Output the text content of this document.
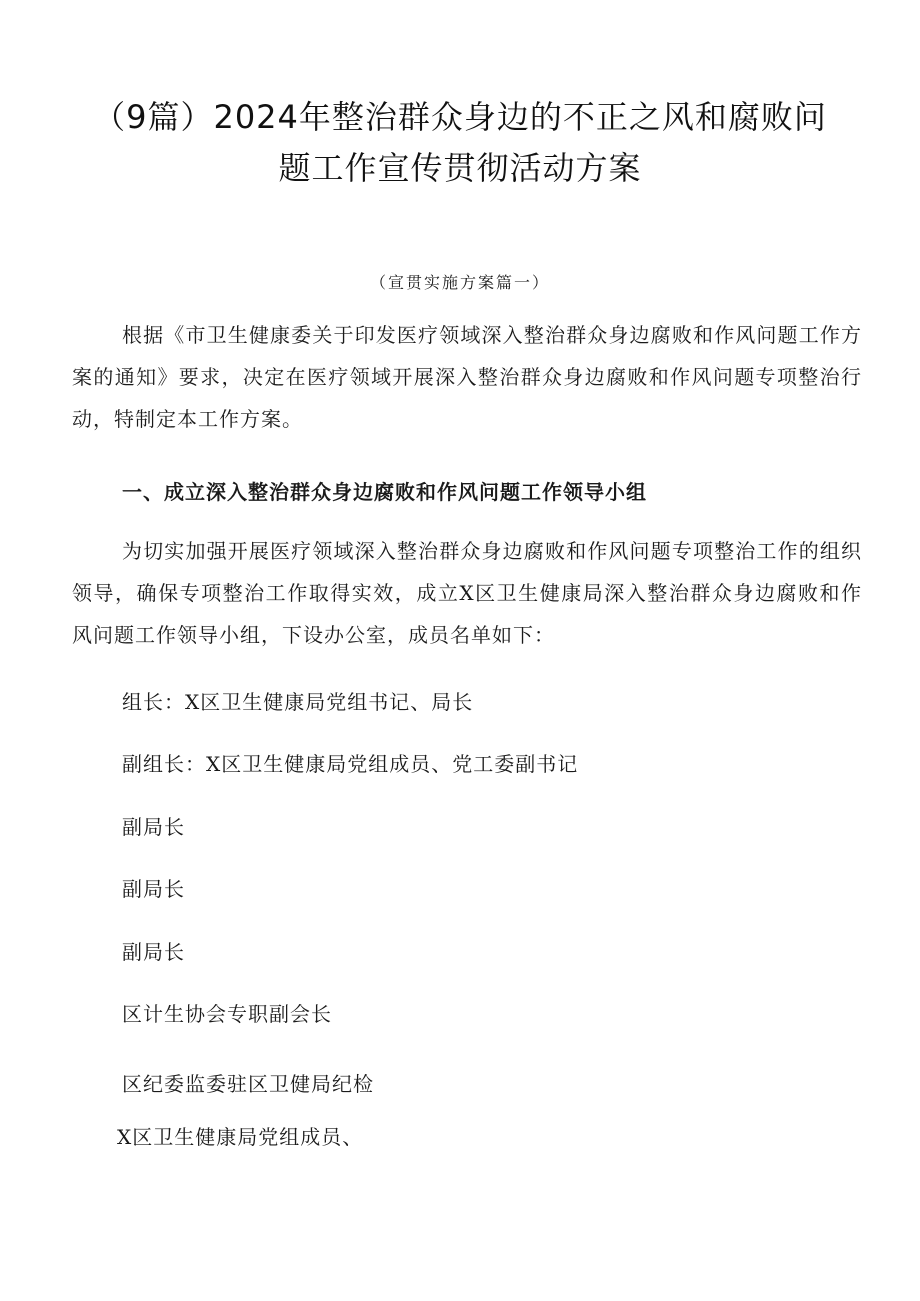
（9篇）2024年整治群众身边的不正之风和腐败问
题工作宣传贯彻活动方案
（宣贯实施方案篇一）

根据《市卫生健康委关于印发医疗领域深入整治群众身边腐败和作风问题工作方案的通知》要求，决定在医疗领域开展深入整治群众身边腐败和作风问题专项整治行动，特制定本工作方案。

一、成立深入整治群众身边腐败和作风问题工作领导小组

为切实加强开展医疗领域深入整治群众身边腐败和作风问题专项整治工作的组织领导，确保专项整治工作取得实效，成立X区卫生健康局深入整治群众身边腐败和作风问题工作领导小组，下设办公室，成员名单如下：

组长：X区卫生健康局党组书记、局长
副组长：X区卫生健康局党组成员、党工委副书记
副局长
副局长
副局长
区计生协会专职副会长
区纪委监委驻区卫健局纪检
X区卫生健康局党组成员、
